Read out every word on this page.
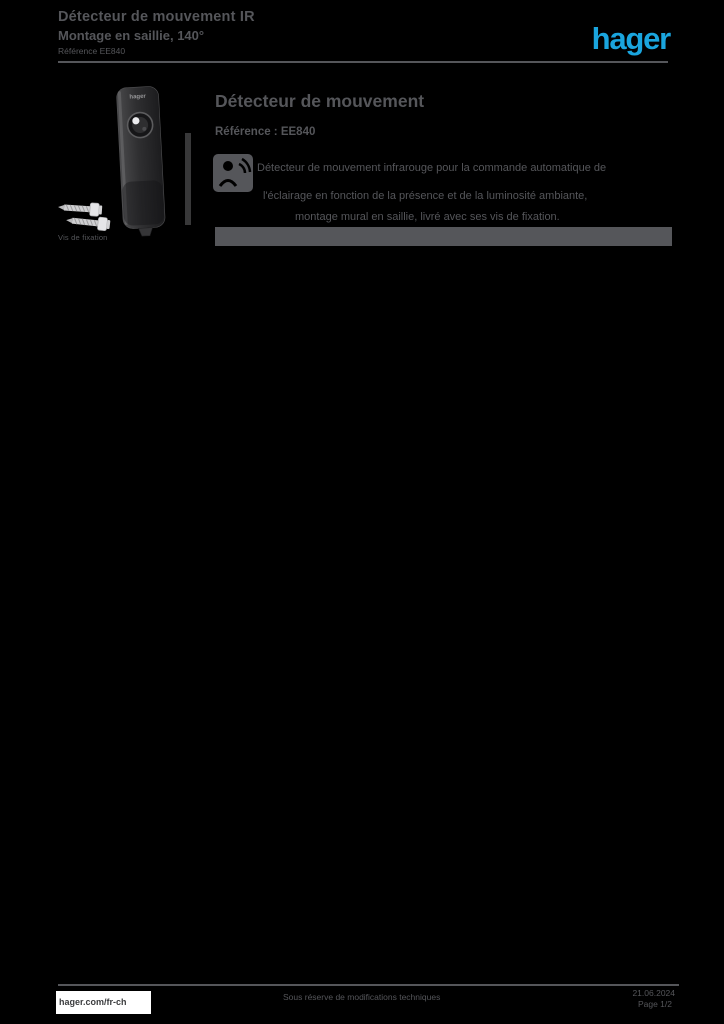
Détecteur de mouvement IR
Montage en saillie, 140°
Référence EE840	hager
hager
Vis de fixation
Détecteur de mouvement
Référence : EE840
Détecteur de mouvement infrarouge pour la commande automatique de
l'éclairage en fonction de la présence et de la luminosité ambiante,
montage mural en saillie, livré avec ses vis de fixation.
hager.com/fr-ch	Sous réserve de modifications techniques	21.06.2024
Page 1/2
